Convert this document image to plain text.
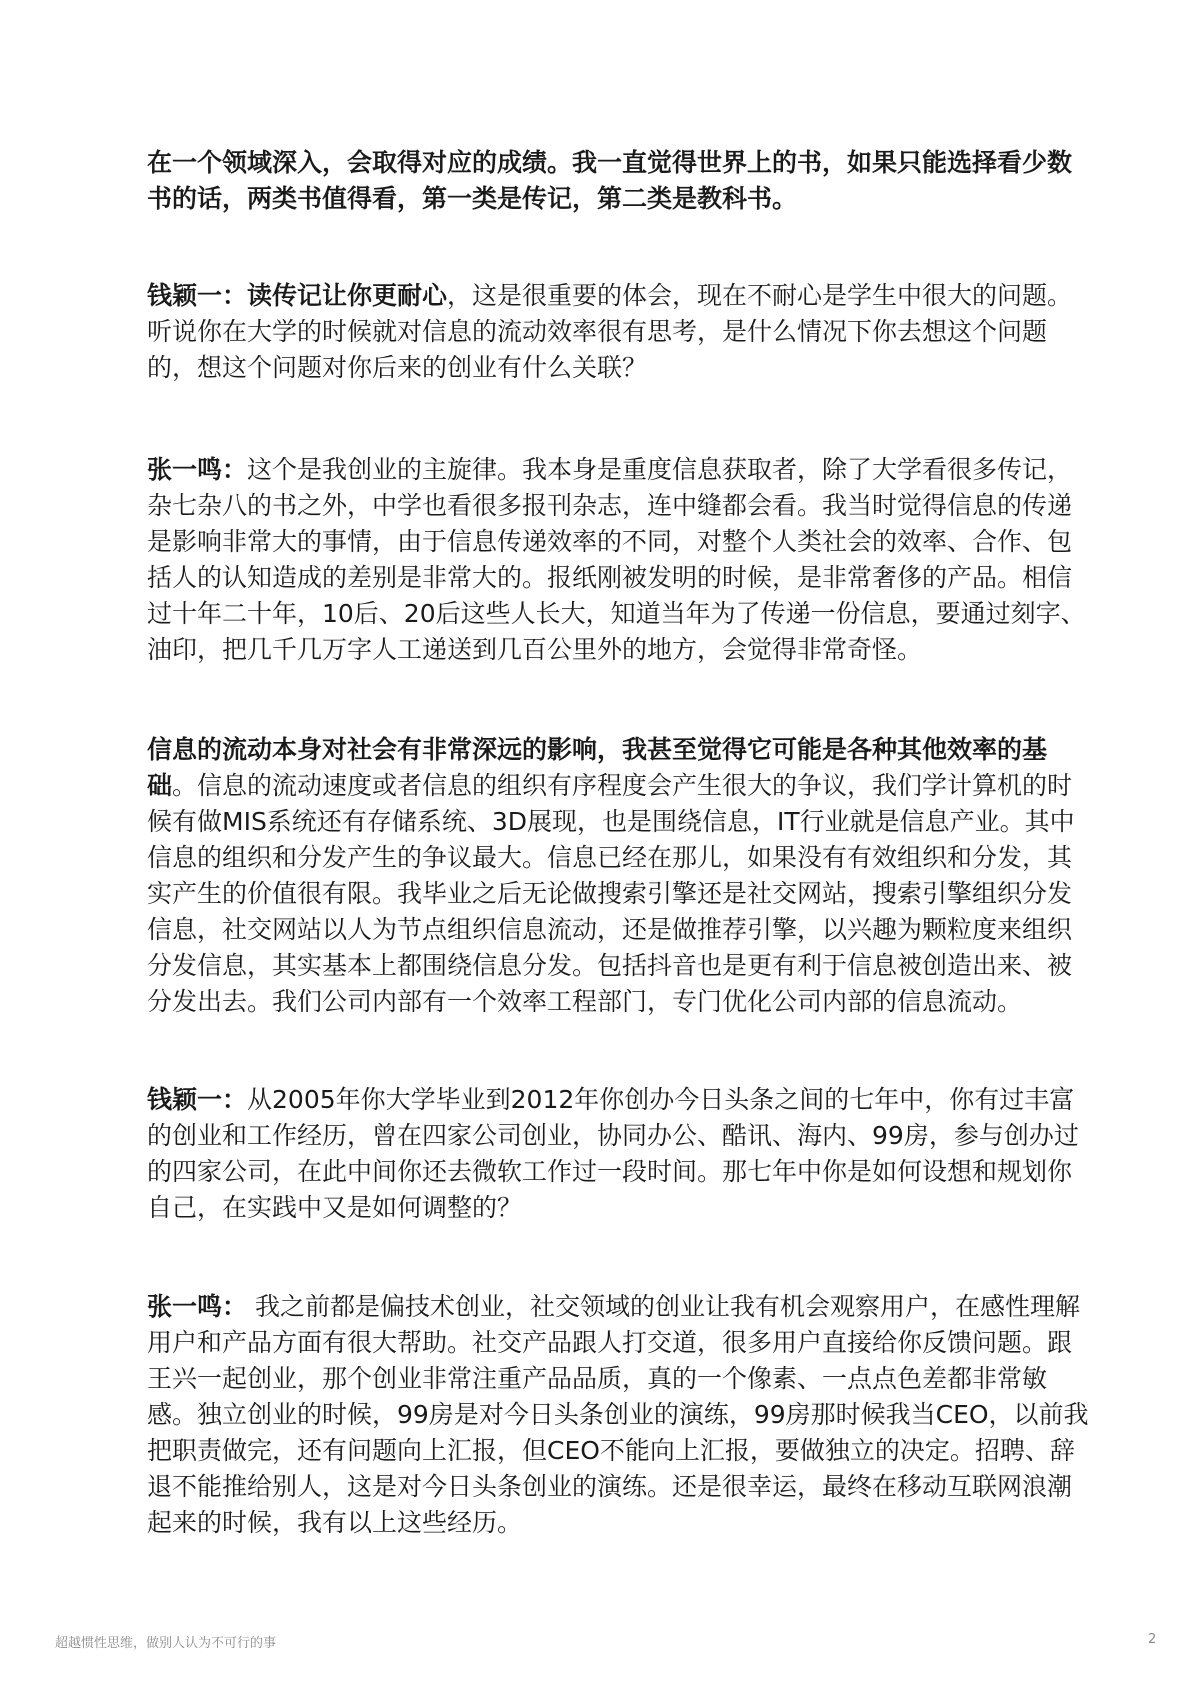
在一个领域深入，会取得对应的成绩。我一直觉得世界上的书，如果只能选择看少数
书的话，两类书值得看，第一类是传记，第二类是教科书。
钱颖一：读传记让你更耐心，这是很重要的体会，现在不耐心是学生中很大的问题。
听说你在大学的时候就对信息的流动效率很有思考，是什么情况下你去想这个问题
的，想这个问题对你后来的创业有什么关联？
张一鸣：这个是我创业的主旋律。我本身是重度信息获取者，除了大学看很多传记，
杂七杂八的书之外，中学也看很多报刊杂志，连中缝都会看。我当时觉得信息的传递
是影响非常大的事情，由于信息传递效率的不同，对整个人类社会的效率、合作、包
括人的认知造成的差别是非常大的。报纸刚被发明的时候，是非常奢侈的产品。相信
过十年二十年，10后、20后这些人长大，知道当年为了传递一份信息，要通过刻字、
油印，把几千几万字人工递送到几百公里外的地方，会觉得非常奇怪。
信息的流动本身对社会有非常深远的影响，我甚至觉得它可能是各种其他效率的基
础。信息的流动速度或者信息的组织有序程度会产生很大的争议，我们学计算机的时
候有做MIS系统还有存储系统、3D展现，也是围绕信息，IT行业就是信息产业。其中
信息的组织和分发产生的争议最大。信息已经在那儿，如果没有有效组织和分发，其
实产生的价值很有限。我毕业之后无论做搜索引擎还是社交网站，搜索引擎组织分发
信息，社交网站以人为节点组织信息流动，还是做推荐引擎，以兴趣为颗粒度来组织
分发信息，其实基本上都围绕信息分发。包括抖音也是更有利于信息被创造出来、被
分发出去。我们公司内部有一个效率工程部门，专门优化公司内部的信息流动。
钱颖一：从2005年你大学毕业到2012年你创办今日头条之间的七年中，你有过丰富
的创业和工作经历，曾在四家公司创业，协同办公、酷讯、海内、99房，参与创办过
的四家公司，在此中间你还去微软工作过一段时间。那七年中你是如何设想和规划你
自己，在实践中又是如何调整的？
张一鸣： 我之前都是偏技术创业，社交领域的创业让我有机会观察用户，在感性理解
用户和产品方面有很大帮助。社交产品跟人打交道，很多用户直接给你反馈问题。跟
王兴一起创业，那个创业非常注重产品品质，真的一个像素、一点点色差都非常敏
感。独立创业的时候，99房是对今日头条创业的演练，99房那时候我当CEO，以前我
把职责做完，还有问题向上汇报，但CEO不能向上汇报，要做独立的决定。招聘、辞
退不能推给别人，这是对今日头条创业的演练。还是很幸运，最终在移动互联网浪潮
起来的时候，我有以上这些经历。
超越惯性思维，做别人认为不可行的事	2
